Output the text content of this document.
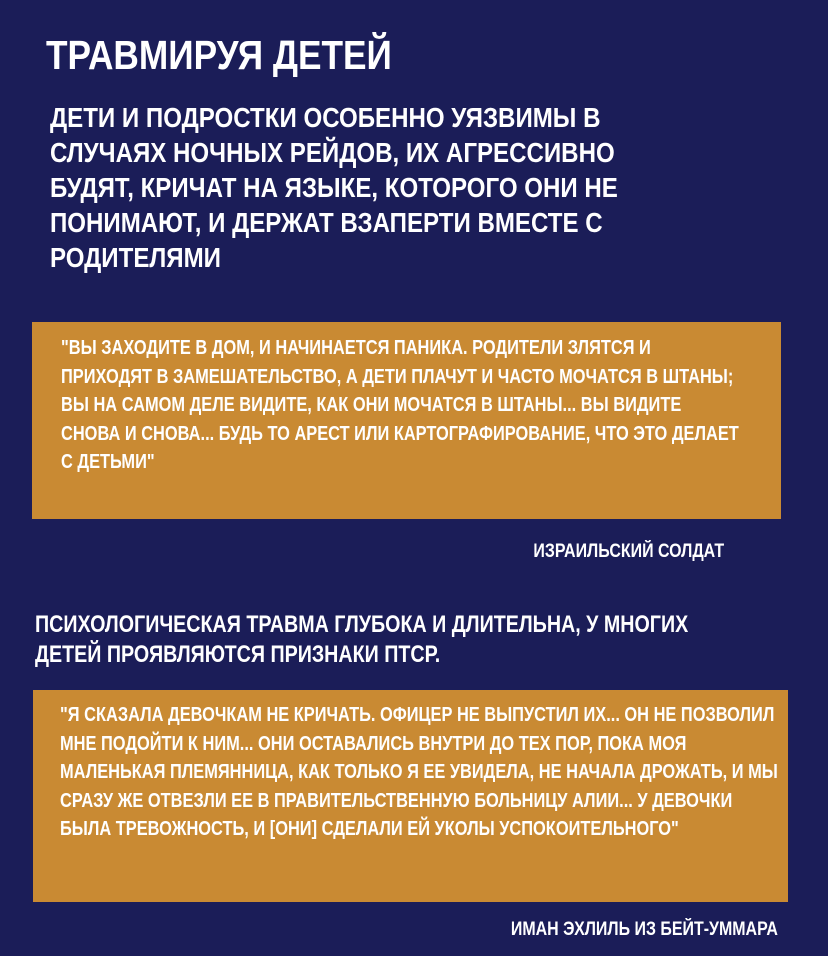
ТРАВМИРУЯ ДЕТЕЙ
ДЕТИ И ПОДРОСТКИ ОСОБЕННО УЯЗВИМЫ В СЛУЧАЯХ НОЧНЫХ РЕЙДОВ, ИХ АГРЕССИВНО БУДЯТ, КРИЧАТ НА ЯЗЫКЕ, КОТОРОГО ОНИ НЕ ПОНИМАЮТ, И ДЕРЖАТ ВЗАПЕРТИ ВМЕСТЕ С РОДИТЕЛЯМИ
"ВЫ ЗАХОДИТЕ В ДОМ, И НАЧИНАЕТСЯ ПАНИКА. РОДИТЕЛИ ЗЛЯТСЯ И ПРИХОДЯТ В ЗАМЕШАТЕЛЬСТВО, А ДЕТИ ПЛАЧУТ И ЧАСТО МОЧАТСЯ В ШТАНЫ; ВЫ НА САМОМ ДЕЛЕ ВИДИТЕ, КАК ОНИ МОЧАТСЯ В ШТАНЫ... ВЫ ВИДИТЕ СНОВА И СНОВА... БУДЬ ТО АРЕСТ ИЛИ КАРТОГРАФИРОВАНИЕ, ЧТО ЭТО ДЕЛАЕТ С ДЕТЬМИ"
ИЗРАИЛЬСКИЙ СОЛДАТ
ПСИХОЛОГИЧЕСКАЯ ТРАВМА ГЛУБОКА И ДЛИТЕЛЬНА, У МНОГИХ ДЕТЕЙ ПРОЯВЛЯЮТСЯ ПРИЗНАКИ ПТСР.
"Я СКАЗАЛА ДЕВОЧКАМ НЕ КРИЧАТЬ. ОФИЦЕР НЕ ВЫПУСТИЛ ИХ... ОН НЕ ПОЗВОЛИЛ МНЕ ПОДОЙТИ К НИМ... ОНИ ОСТАВАЛИСЬ ВНУТРИ ДО ТЕХ ПОР, ПОКА МОЯ МАЛЕНЬКАЯ ПЛЕМЯННИЦА, КАК ТОЛЬКО Я ЕЕ УВИДЕЛА, НЕ НАЧАЛА ДРОЖАТЬ, И МЫ СРАЗУ ЖЕ ОТВЕЗЛИ ЕЕ В ПРАВИТЕЛЬСТВЕННУЮ БОЛЬНИЦУ АЛИИ... У ДЕВОЧКИ БЫЛА ТРЕВОЖНОСТЬ, И [ОНИ] СДЕЛАЛИ ЕЙ УКОЛЫ УСПОКОИТЕЛЬНОГО"
ИМАН ЭХЛИЛЬ ИЗ БЕЙТ-УММАРА
